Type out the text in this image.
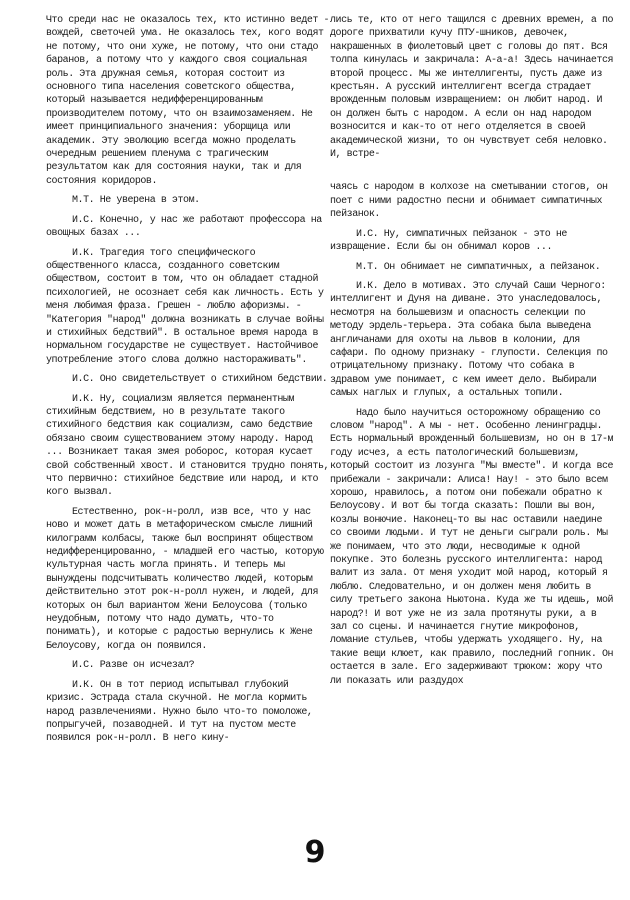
Что среди нас не оказалось тех, кто истинно ведет - вождей, светочей ума. Не оказалось тех, кого водят не потому, что они хуже, не потому, что они стадо баранов, а потому что у каждого своя социальная роль. Эта дружная семья, которая состоит из основного типа населения советского общества, который называется недифференцированным производителем потому, что он взаимозаменяем. Не имеет принципиального значения: уборщица или академик. Эту эволюцию всегда можно проделать очередным решением пленума с трагическим результатом как для состояния науки, так и для состояния коридоров.

М.Т. Не уверена в этом.

И.С. Конечно, у нас же работают профессора на овощных базах ...

И.К. Трагедия того специфического общественного класса, созданного советским обществом, состоит в том, что он обладает стадной психологией, не осознает себя как личность. Есть у меня любимая фраза. Грешен - люблю афоризмы. - "Категория "народ" должна возникать в случае войны и стихийных бедствий". В остальное время народа в нормальном государстве не существует. Настойчивое употребление этого слова должно настораживать".

И.С. Оно свидетельствует о стихийном бедствии.

И.К. Ну, социализм является перманентным стихийным бедствием, но в результате такого стихийного бедствия как социализм, само бедствие обязано своим существованием этому народу. Народ ... Возникает такая змея роборос, которая кусает свой собственный хвост. И становится трудно понять, что первично: стихийное бедствие или народ, и кто кого вызвал.

Естественно, рок-н-ролл, изв все, что у нас ново и может дать в метафорическом смысле лишний килограмм колбасы, также был воспринят обществом недифференцированно, - младшей его частью, которую культурная часть могла принять. И теперь мы вынуждены подсчитывать количество людей, которым действительно этот рок-н-ролл нужен, и людей, для которых он был вариантом Жени Белоусова (только неудобным, потому что надо думать, что-то понимать), и которые с радостью вернулись к Жене Белоусову, когда он появился.

И.С. Разве он исчезал?

И.К. Он в тот период испытывал глубокий кризис. Эстрада стала скучной. Не могла кормить народ развлечениями. Нужно было что-то помоложе, попрыгучей, позаводней. И тут на пустом месте появился рок-н-ролл. В него кину-

лись те, кто от него тащился с древних времен, а по дороге прихватили кучу ПТУ-шников, девочек, накрашенных в фиолетовый цвет с головы до пят. Вся толпа кинулась и закричала: А-а-а! Здесь начинается второй процесс. Мы же интеллигенты, пусть даже из крестьян. А русский интеллигент всегда страдает врожденным половым извращением: он любит народ. И он должен быть с народом. А если он над народом возносится и как-то от него отделяется в своей академической жизни, то он чувствует себя неловко. И, встре-

чаясь с народом в колхозе на сметывании стогов, он поет с ними радостно песни и обнимает симпатичных пейзанок.

И.С. Ну, симпатичных пейзанок - это не извращение. Если бы он обнимал коров ...

М.Т. Он обнимает не симпатичных, а пейзанок.

И.К. Дело в мотивах. Это случай Саши Черного: интеллигент и Дуня на диване. Это унаследовалось, несмотря на большевизм и опасность селекции по методу эрдель-терьера. Эта собака была выведена англичанами для охоты на львов в колонии, для сафари. По одному признаку - глупости. Селекция по отрицательному признаку. Потому что собака в здравом уме понимает, с кем имеет дело. Выбирали самых наглых и глупых, а остальных топили.

Надо было научиться осторожному обращению со словом "народ". А мы - нет. Особенно ленинградцы. Есть нормальный врожденный большевизм, но он в 17-м году исчез, а есть патологический большевизм, который состоит из лозунга "Мы вместе". И когда все прибежали - закричали: Алиса! Нау! - это было всем хорошо, нравилось, а потом они побежали обратно к Белоусову. И вот бы тогда сказать: Пошли вы вон, козлы вонючие. Наконец-то вы нас оставили наедине со своими людьми. И тут не деньги сыграли роль. Мы же понимаем, что это люди, несводимые к одной покупке. Это болезнь русского интеллигента: народ валит из зала. От меня уходит мой народ, который я люблю. Следовательно, и он должен меня любить в силу третьего закона Ньютона. Куда же ты идешь, мой народ?! И вот уже не из зала протянуты руки, а в зал со сцены. И начинается гнутие микрофонов, ломание стульев, чтобы удержать уходящего. Ну, на такие вещи клюет, как правило, последний гопник. Он остается в зале. Его задерживают трюком: жору что ли показать или раздудох

9
